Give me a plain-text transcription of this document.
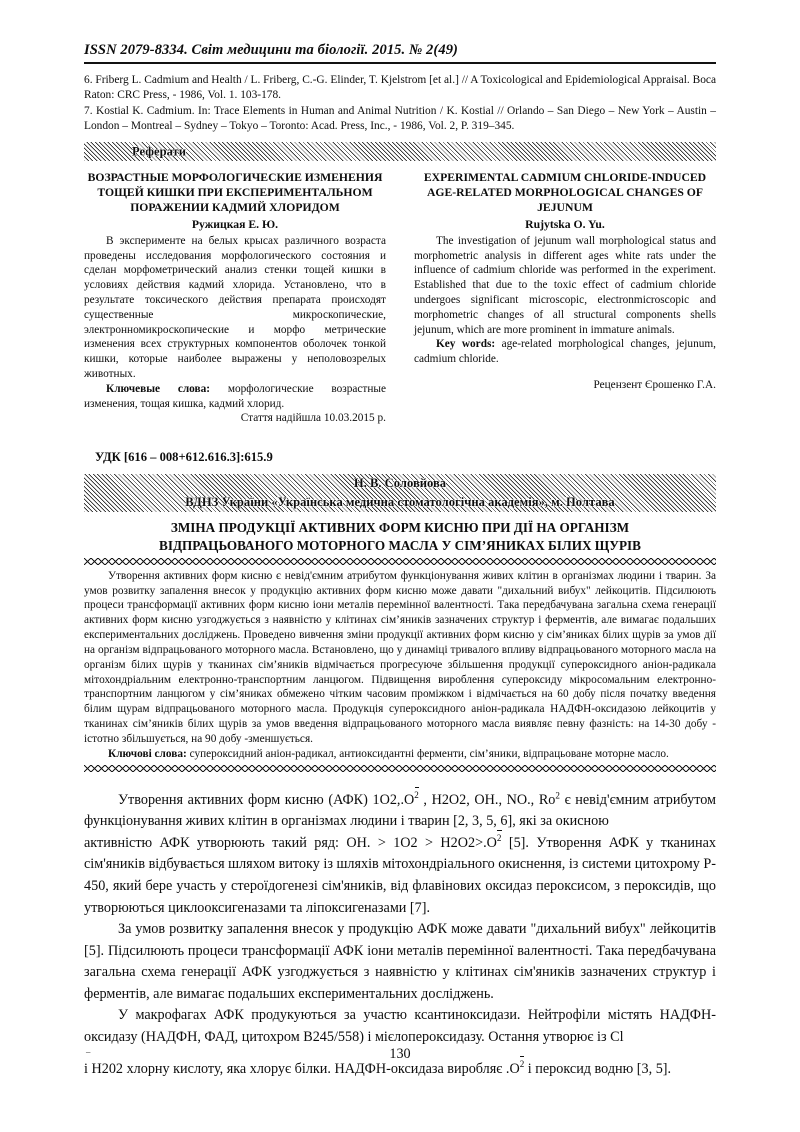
ISSN 2079-8334. Світ медицини та біології. 2015. № 2(49)

6. Friberg L. Cadmium and Health / L. Friberg, C.-G. Elinder, T. Kjelstrom [et al.] // A Toxicological and Epidemiological Appraisal. Boca Raton: CRC Press, - 1986, Vol. 1. 103-178.

7. Kostial K. Cadmium. In: Trace Elements in Human and Animal Nutrition / K. Kostial // Orlando – San Diego – New York – Austin – London – Montreal – Sydney – Tokyo – Toronto: Acad. Press, Inc., - 1986, Vol. 2, P. 319–345.

Реферати
ВОЗРАСТНЫЕ МОРФОЛОГИЧЕСКИЕ ИЗМЕНЕНИЯ ТОЩЕЙ КИШКИ ПРИ ЕКСПЕРИМЕНТАЛЬНОМ ПОРАЖЕНИИ КАДМИЙ ХЛОРИДОМ
Ружицкая Е. Ю.

В эксперименте на белых крысах различного возраста проведены исследования морфологического состояния и сделан морфометрический анализ стенки тощей кишки в условиях действия кадмий хлорида. Установлено, что в результате токсического действия препарата происходят существенные микроскопические, электронномикроскопические и морфо метрические изменения всех структурных компонентов оболочек тонкой кишки, которые наиболее выражены у неполовозрелых животных.

Ключевые слова: морфологические возрастные изменения, тощая кишка, кадмий хлорид.

Стаття надійшла 10.03.2015 р.
EXPERIMENTAL CADMIUM CHLORIDE-INDUCED AGE-RELATED MORPHOLOGICAL CHANGES OF JEJUNUM
Rujytska O. Yu.

The investigation of jejunum wall morphological status and morphometric analysis in different ages white rats under the influence of cadmium chloride was performed in the experiment. Established that due to the toxic effect of cadmium chloride undergoes significant microscopic, electronmicroscopic and morphometric changes of all structural components shells jejunum, which are more prominent in immature animals.

Key words: age-related morphological changes, jejunum, cadmium chloride.

Рецензент Єрошенко Г.А.
УДК [616 – 008+612.616.3]:615.9
Н. В. Соловйова
ВДНЗ України «Українська медична стоматологічна академія», м. Полтава
ЗМІНА ПРОДУКЦІЇ АКТИВНИХ ФОРМ КИСНЮ ПРИ ДІЇ НА ОРГАНІЗМ
ВІДПРАЦЬОВАНОГО МОТОРНОГО МАСЛА У СІМ’ЯНИКАХ БІЛИХ ЩУРІВ

Утворення активних форм кисню є невід'ємним атрибутом функціонування живих клітин в організмах людини і тварин. За умов розвитку запалення внесок у продукцію активних форм кисню може давати "дихальний вибух" лейкоцитів. Підсилюють процеси трансформації активних форм кисню іони металів перемінної валентності. Така передбачувана загальна схема генерації активних форм кисню узгоджується з наявністю у клітинах сім’яників зазначених структур і ферментів, але вимагає подальших експериментальних досліджень. Проведено вивчення зміни продукції активних форм кисню у сім’яниках білих щурів за умов дії на організм відпрацьованого моторного масла. Встановлено, що у динаміці тривалого впливу відпрацьованого моторного масла на організм білих щурів у тканинах сім’яників відмічається прогресуюче збільшення продукції супероксидного аніон-радикала мітохондріальним електронно-транспортним ланцюгом. Підвищення вироблення супероксиду мікросомальним електронно-транспортним ланцюгом у сім’яниках обмежено чітким часовим проміжком і відмічається на 60 добу після початку введення білим щурам відпрацьованого моторного масла. Продукція супероксидного аніон-радикала НАДФН-оксидазою лейкоцитів у тканинах сім’яників білих щурів за умов введення відпрацьованого моторного масла виявляє певну фазність: на 14-30 добу - істотно збільшується, на 90 добу -зменшується.

Ключові слова: супероксидний аніон-радикал, антиоксидантні ферменти, сім’яники, відпрацьоване моторне масло.

Утворення активних форм кисню (АФК) $1О2,.О^2$ , Н2О2, ОН., NО., Ro$^2$ є невід'ємним атрибутом функціонування живих клітин в організмах людини і тварин [2, 3, 5, 6], які за окисною

активністю АФК утворюють такий ряд: ОН. > $1О2 > Н2О2>.О^2$ [5]. Утворення АФК у тканинах сім'яників відбувається шляхом витоку із шляхів мітохондріального окиснення, із системи цитохрому Р- 450, який бере участь у стероїдогенезі сім'яників, від флавінових оксидаз пероксисом, з пероксидів, що утворюються циклооксигеназами та ліпоксигеназами [7].

За умов розвитку запалення внесок у продукцію АФК може давати "дихальний вибух" лейкоцитів [5]. Підсилюють процеси трансформації АФК іони металів перемінної валентності. Така передбачувана загальна схема генерації АФК узгоджується з наявністю у клітинах сім'яників зазначених структур і ферментів, але вимагає подальших експериментальних досліджень.

У макрофагах АФК продукуються за участю ксантиноксидази. Нейтрофіли містять НАДФН-оксидазу (НАДФН, ФАД, цитохром В245/558) і мієлопероксидазу. Остання утворює із Cl

–

і Н202 хлорну кислоту, яка хлорує білки. НАДФН-оксидаза виробляє $.О^2$ і пероксид водню [3, 5].

130
